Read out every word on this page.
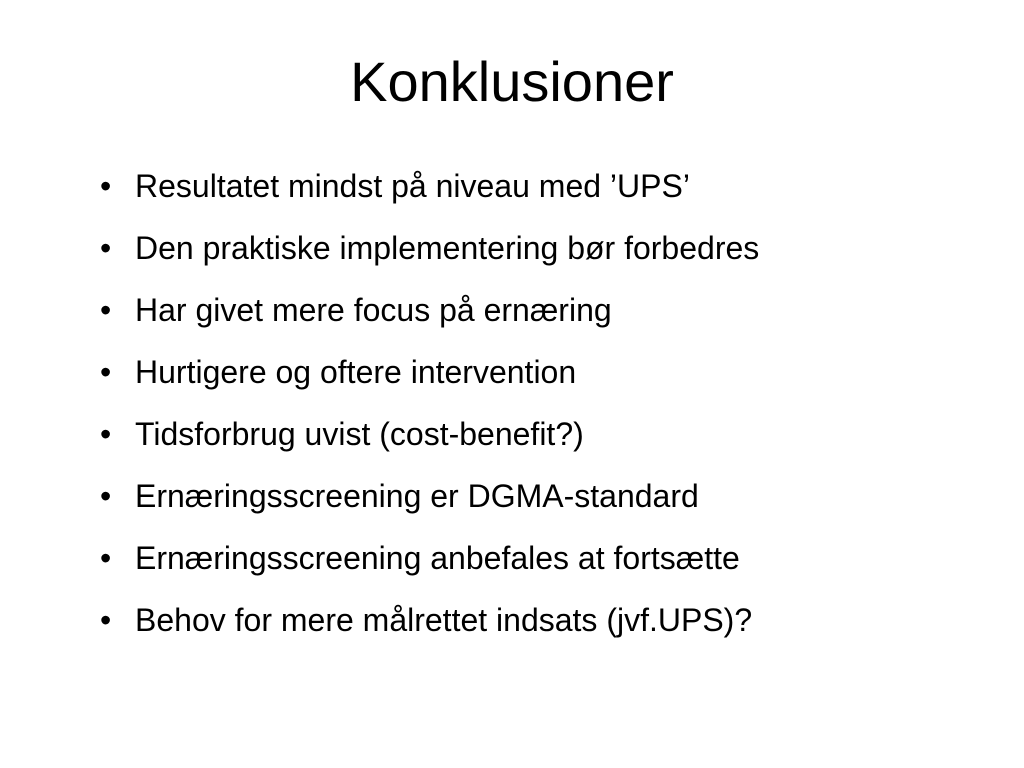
Konklusioner
• Resultatet mindst på niveau med ’UPS’
• Den praktiske implementering bør forbedres
• Har givet mere focus på ernæring
• Hurtigere og oftere intervention
• Tidsforbrug uvist (cost-benefit?)
• Ernæringsscreening er DGMA-standard
• Ernæringsscreening anbefales at fortsætte
• Behov for mere målrettet indsats (jvf.UPS)?
